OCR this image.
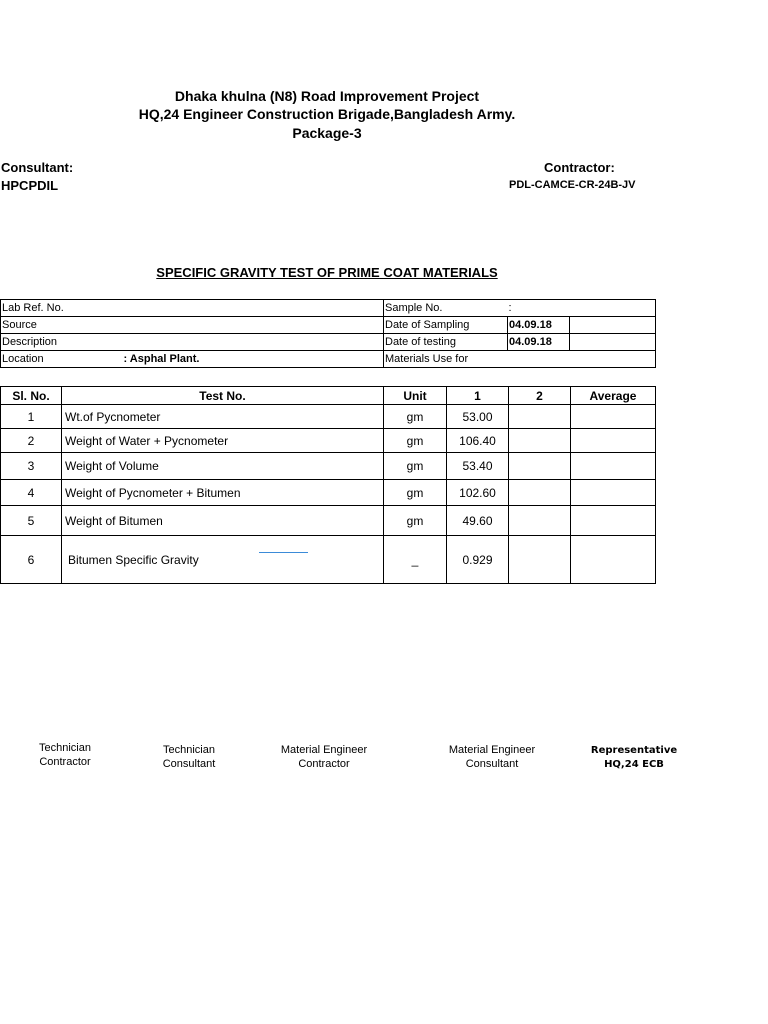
Dhaka khulna (N8) Road Improvement Project
HQ,24 Engineer Construction Brigade,Bangladesh Army.
Package-3
Consultant:
HPCPDIL
Contractor:
PDL-CAMCE-CR-24B-JV
SPECIFIC GRAVITY TEST OF PRIME COAT MATERIALS
Lab Ref. No.		Sample No.	:	
Source		Date of Sampling	04.09.18	
Description		Date of testing	04.09.18	
Location	: Asphal Plant.	Materials Use for		
Sl. No.	Test No.	Unit	1	2	Average
1	Wt.of Pycnometer	gm	53.00		
2	Weight of Water + Pycnometer	gm	106.40		
3	Weight of Volume	gm	53.40		
4	Weight of Pycnometer + Bitumen	gm	102.60		
5	Weight of Bitumen	gm	49.60		
6	Bitumen Specific Gravity	_	0.929		
Technician
Contractor
Technician
Consultant
Material Engineer
Contractor
Material Engineer
Consultant
Representative
HQ,24 ECB
